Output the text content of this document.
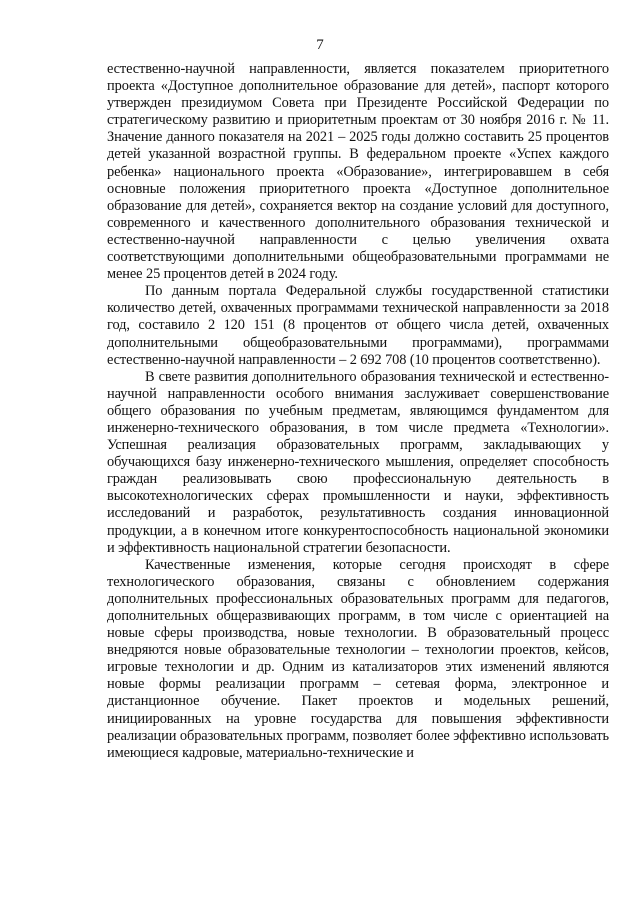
7

естественно-научной направленности, является показателем приоритетного проекта «Доступное дополнительное образование для детей», паспорт которого утвержден президиумом Совета при Президенте Российской Федерации по стратегическому развитию и приоритетным проектам от 30 ноября 2016 г. № 11. Значение данного показателя на 2021 – 2025 годы должно составить 25 процентов детей указанной возрастной группы. В федеральном проекте «Успех каждого ребенка» национального проекта «Образование», интегрировавшем в себя основные положения приоритетного проекта «Доступное дополнительное образование для детей», сохраняется вектор на создание условий для доступного, современного и качественного дополнительного образования технической и естественно-научной направленности с целью увеличения охвата соответствующими дополнительными общеобразовательными программами не менее 25 процентов детей в 2024 году.

По данным портала Федеральной службы государственной статистики количество детей, охваченных программами технической направленности за 2018 год, составило 2 120 151 (8 процентов от общего числа детей, охваченных дополнительными общеобразовательными программами), программами естественно-научной направленности – 2 692 708 (10 процентов соответственно).

В свете развития дополнительного образования технической и естественно-научной направленности особого внимания заслуживает совершенствование общего образования по учебным предметам, являющимся фундаментом для инженерно-технического образования, в том числе предмета «Технологии». Успешная реализация образовательных программ, закладывающих у обучающихся базу инженерно-технического мышления, определяет способность граждан реализовывать свою профессиональную деятельность в высокотехнологических сферах промышленности и науки, эффективность исследований и разработок, результативность создания инновационной продукции, а в конечном итоге конкурентоспособность национальной экономики и эффективность национальной стратегии безопасности.

Качественные изменения, которые сегодня происходят в сфере технологического образования, связаны с обновлением содержания дополнительных профессиональных образовательных программ для педагогов, дополнительных общеразвивающих программ, в том числе с ориентацией на новые сферы производства, новые технологии. В образовательный процесс внедряются новые образовательные технологии – технологии проектов, кейсов, игровые технологии и др. Одним из катализаторов этих изменений являются новые формы реализации программ – сетевая форма, электронное и дистанционное обучение. Пакет проектов и модельных решений, инициированных на уровне государства для повышения эффективности реализации образовательных программ, позволяет более эффективно использовать имеющиеся кадровые, материально-технические и
